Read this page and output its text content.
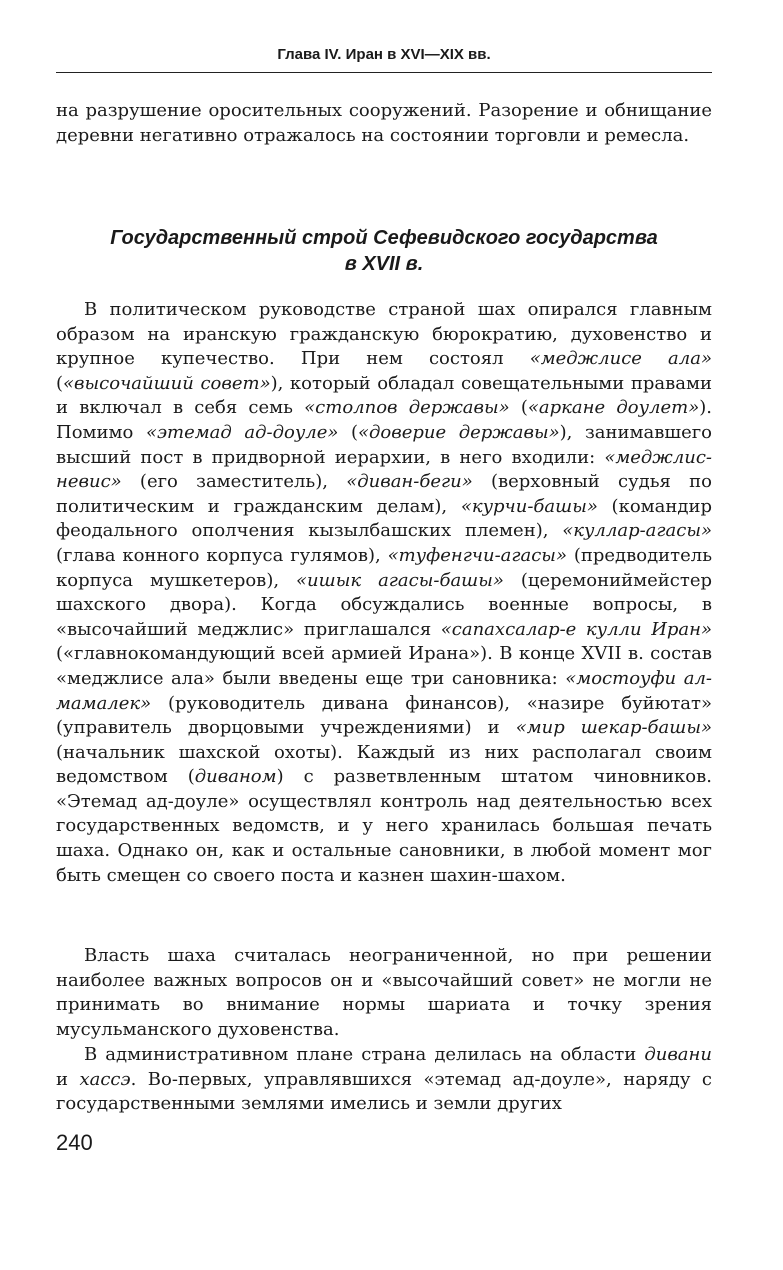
Глава IV. Иран в XVI—XIX вв.

на разрушение оросительных сооружений. Разорение и обнищание деревни негативно отражалось на состоянии торговли и ремесла.

Государственный строй Сефевидского государства
в XVII в.

В политическом руководстве страной шах опирался главным образом на иранскую гражданскую бюрократию, духовенство и крупное купечество. При нем состоял «меджлисе ала» («высочайший совет»), который обладал совещательными правами и включал в себя семь «столпов державы» («аркане доулет»). Помимо «этемад ад-доуле» («доверие державы»), занимавшего высший пост в придворной иерархии, в него входили: «меджлис-невис» (его заместитель), «диван-беги» (верховный судья по политическим и гражданским делам), «курчи-башы» (командир феодального ополчения кызылбашских племен), «куллар-агасы» (глава конного корпуса гулямов), «туфенгчи-агасы» (предводитель корпуса мушкетеров), «ишык агасы-башы» (церемониймейстер шахского двора). Когда обсуждались военные вопросы, в «высочайший меджлис» приглашался «сапахсалар-е кулли Иран» («главнокомандующий всей армией Ирана»). В конце XVII в. состав «меджлисе ала» были введены еще три сановника: «мостоуфи ал-мамалек» (руководитель дивана финансов), «назире буйютат» (управитель дворцовыми учреждениями) и «мир шекар-башы» (начальник шахской охоты). Каждый из них располагал своим ведомством (диваном) с разветвленным штатом чиновников. «Этемад ад-доуле» осуществлял контроль над деятельностью всех государственных ведомств, и у него хранилась большая печать шаха. Однако он, как и остальные сановники, в любой момент мог быть смещен со своего поста и казнен шахин-шахом.

Власть шаха считалась неограниченной, но при решении наиболее важных вопросов он и «высочайший совет» не могли не принимать во внимание нормы шариата и точку зрения мусульманского духовенства.

В административном плане страна делилась на области дивани и хассэ. Во-первых, управлявшихся «этемад ад-доуле», наряду с государственными землями имелись и земли других

240
